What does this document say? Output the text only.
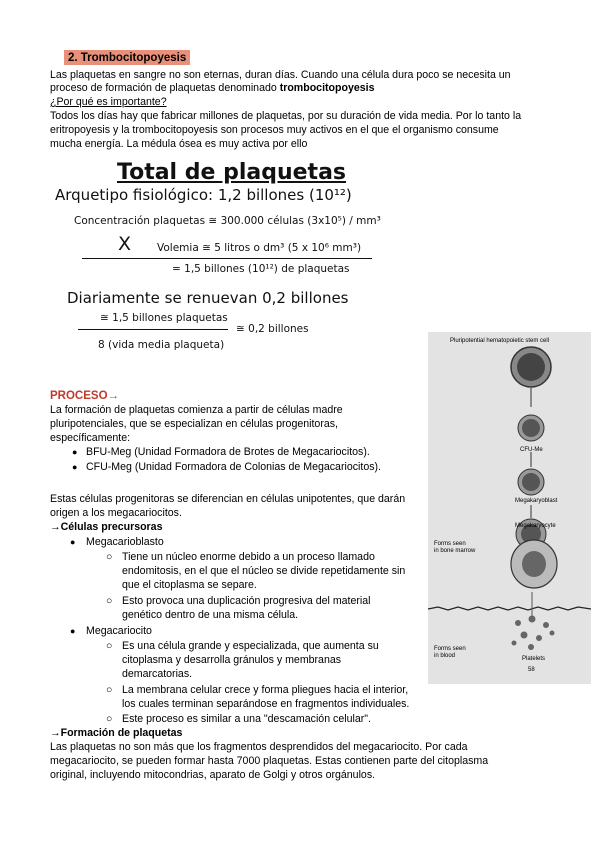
2. Trombocitopoyesis
Las plaquetas en sangre no son eternas, duran días. Cuando una célula dura poco se necesita un
proceso de formación de plaquetas denominado trombocitopoyesis
¿Por qué es importante?
Todos los días hay que fabricar millones de plaquetas, por su duración de vida media. Por lo tanto la
eritropoyesis y la trombocitopoyesis son procesos muy activos en el que el organismo consume
mucha energía. La médula ósea es muy activa por ello
Total de plaquetas
Arquetipo fisiológico: 1,2 billones (10¹²)
Concentración plaquetas ≅ 300.000 células (3x10⁵) / mm³
X Volemia ≅ 5 litros o dm³ (5 x 10⁶ mm³)
= 1,5 billones (10¹²) de plaquetas
Diariamente se renuevan 0,2 billones
≅ 1,5 billones plaquetas
≅ 0,2 billones
8 (vida media plaqueta)
PROCESO→
La formación de plaquetas comienza a partir de células madre
pluripotenciales, que se especializan en células progenitoras,
específicamente:
● BFU-Meg (Unidad Formadora de Brotes de Megacariocitos).
● CFU-Meg (Unidad Formadora de Colonias de Megacariocitos).
Estas células progenitoras se diferencian en células unipotentes, que darán
origen a los megacariocitos.
→Células precursoras
● Megacarioblasto
○ Tiene un núcleo enorme debido a un proceso llamado
endomitosis, en el que el núcleo se divide repetidamente sin
que el citoplasma se separe.
○ Esto provoca una duplicación progresiva del material
genético dentro de una misma célula.
● Megacariocito
○ Es una célula grande y especializada, que aumenta su
citoplasma y desarrolla gránulos y membranas
demarcatorias.
○ La membrana celular crece y forma pliegues hacia el interior,
los cuales terminan separándose en fragmentos individuales.
○ Este proceso es similar a una "descamación celular".
→Formación de plaquetas
Las plaquetas no son más que los fragmentos desprendidos del megacariocito. Por cada
megacariocito, se pueden formar hasta 7000 plaquetas. Estas contienen parte del citoplasma
original, incluyendo mitocondrias, aparato de Golgi y otros orgánulos.
Pluripotential hematopoietic stem cell
CFU-Me
Megakaryoblast
Megakaryocyte
Forms seen
in bone marrow
Forms seen
in blood	Platelets
58
